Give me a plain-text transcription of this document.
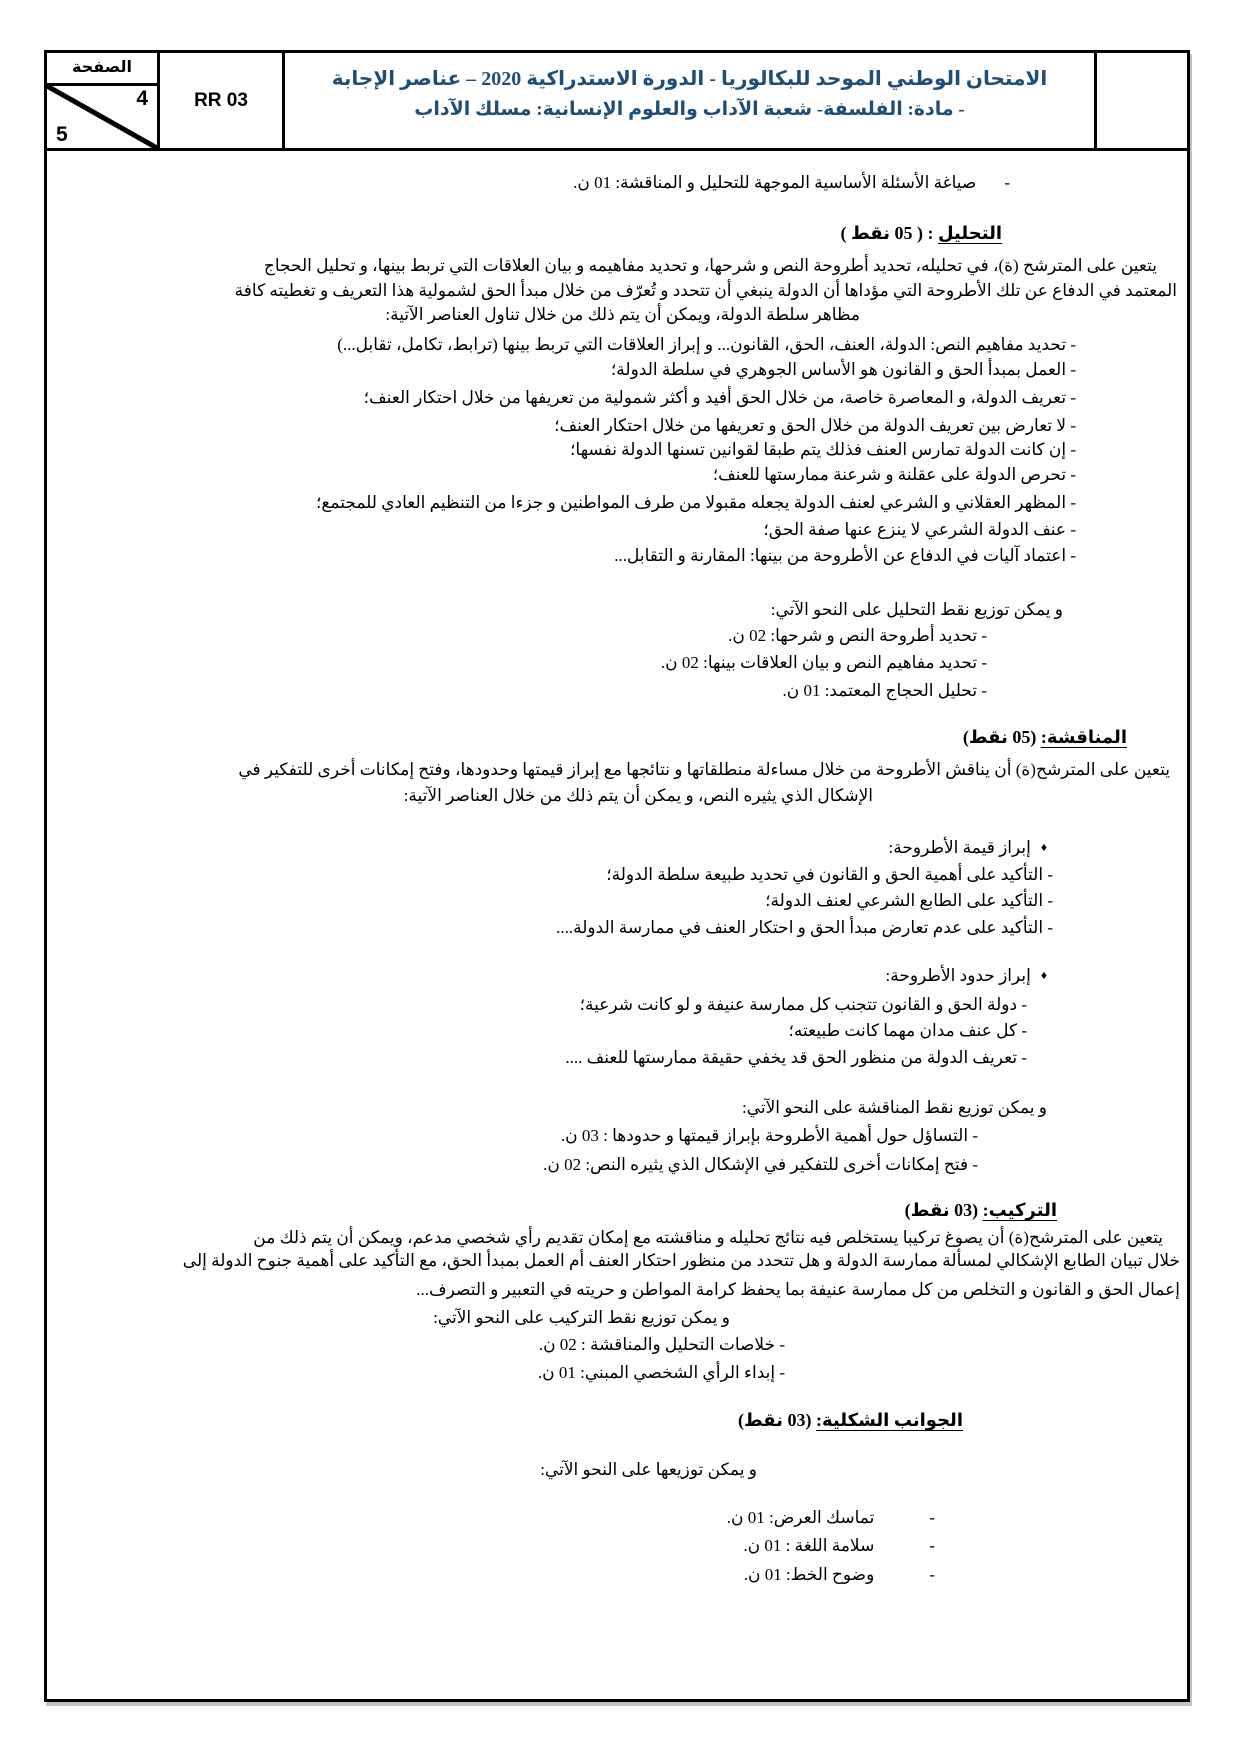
الصفحة
4
5
RR 03
الامتحان الوطني الموحد للبكالوريا - الدورة الاستدراكية 2020 – عناصر الإجابة
- مادة: الفلسفة- شعبة الآداب والعلوم الإنسانية: مسلك الآداب
-
صياغة الأسئلة الأساسية الموجهة للتحليل و المناقشة: 01 ن.
التحليل : ( 05 نقط )
يتعين على المترشح (ة)، في تحليله، تحديد أطروحة النص و شرحها، و تحديد مفاهيمه و بيان العلاقات التي تربط بينها، و تحليل الحجاج
المعتمد في الدفاع عن تلك الأطروحة التي مؤداها أن الدولة ينبغي أن تتحدد و تُعرّف من خلال مبدأ الحق لشمولية هذا التعريف و تغطيته كافة
مظاهر سلطة الدولة، ويمكن أن يتم ذلك من خلال تناول العناصر الآتية:
- تحديد مفاهيم النص: الدولة، العنف، الحق، القانون... و إبراز العلاقات التي تربط بينها (ترابط، تكامل، تقابل...)
- العمل بمبدأ الحق و القانون هو الأساس الجوهري في سلطة الدولة؛
- تعريف الدولة، و المعاصرة خاصة، من خلال الحق أفيد و أكثر شمولية من تعريفها من خلال احتكار العنف؛
- لا تعارض بين تعريف الدولة من خلال الحق و تعريفها من خلال احتكار العنف؛
- إن كانت الدولة تمارس العنف فذلك يتم طبقا لقوانين تسنها الدولة نفسها؛
- تحرص الدولة على عقلنة و شرعنة ممارستها للعنف؛
- المظهر العقلاني و الشرعي لعنف الدولة يجعله مقبولا من طرف المواطنين و جزءا من التنظيم العادي للمجتمع؛
- عنف الدولة الشرعي لا ينزع عنها صفة الحق؛
- اعتماد آليات في الدفاع عن الأطروحة من بينها: المقارنة و التقابل...
و يمكن توزيع نقط التحليل على النحو الآتي:
- تحديد أطروحة النص و شرحها: 02 ن.
- تحديد مفاهيم النص و بيان العلاقات بينها: 02 ن.
- تحليل الحجاج المعتمد: 01 ن.
المناقشة: (05 نقط)
يتعين على المترشح(ة) أن يناقش الأطروحة من خلال مساءلة منطلقاتها و نتائجها مع إبراز قيمتها وحدودها، وفتح إمكانات أخرى للتفكير في
الإشكال الذي يثيره النص، و يمكن أن يتم ذلك من خلال العناصر الآتية:
♦إبراز قيمة الأطروحة:
- التأكيد على أهمية الحق و القانون في تحديد طبيعة سلطة الدولة؛
- التأكيد على الطابع الشرعي لعنف الدولة؛
- التأكيد على عدم تعارض مبدأ الحق و احتكار العنف في ممارسة الدولة....
♦إبراز حدود الأطروحة:
- دولة الحق و القانون تتجنب كل ممارسة عنيفة و لو كانت شرعية؛
- كل عنف مدان مهما كانت طبيعته؛
- تعريف الدولة من منظور الحق قد يخفي حقيقة ممارستها للعنف ....
و يمكن توزيع نقط المناقشة على النحو الآتي:
- التساؤل حول أهمية الأطروحة بإبراز قيمتها و حدودها : 03 ن.
- فتح إمكانات أخرى للتفكير في الإشكال الذي يثيره النص: 02 ن.
التركيب: (03 نقط)
يتعين على المترشح(ة) أن يصوغ تركيبا يستخلص فيه نتائج تحليله و مناقشته مع إمكان تقديم رأي شخصي مدعم، ويمكن أن يتم ذلك من
خلال تبيان الطابع الإشكالي لمسألة ممارسة الدولة و هل تتحدد من منظور احتكار العنف أم العمل بمبدأ الحق، مع التأكيد على أهمية جنوح الدولة إلى
إعمال الحق و القانون و التخلص من كل ممارسة عنيفة بما يحفظ كرامة المواطن و حريته في التعبير و التصرف...
و يمكن توزيع نقط التركيب على النحو الآتي:
- خلاصات التحليل والمناقشة : 02 ن.
- إبداء الرأي الشخصي المبني: 01 ن.
الجوانب الشكلية: (03 نقط)
و يمكن توزيعها على النحو الآتي:
-
تماسك العرض: 01 ن.
-
سلامة اللغة : 01 ن.
-
وضوح الخط: 01 ن.
